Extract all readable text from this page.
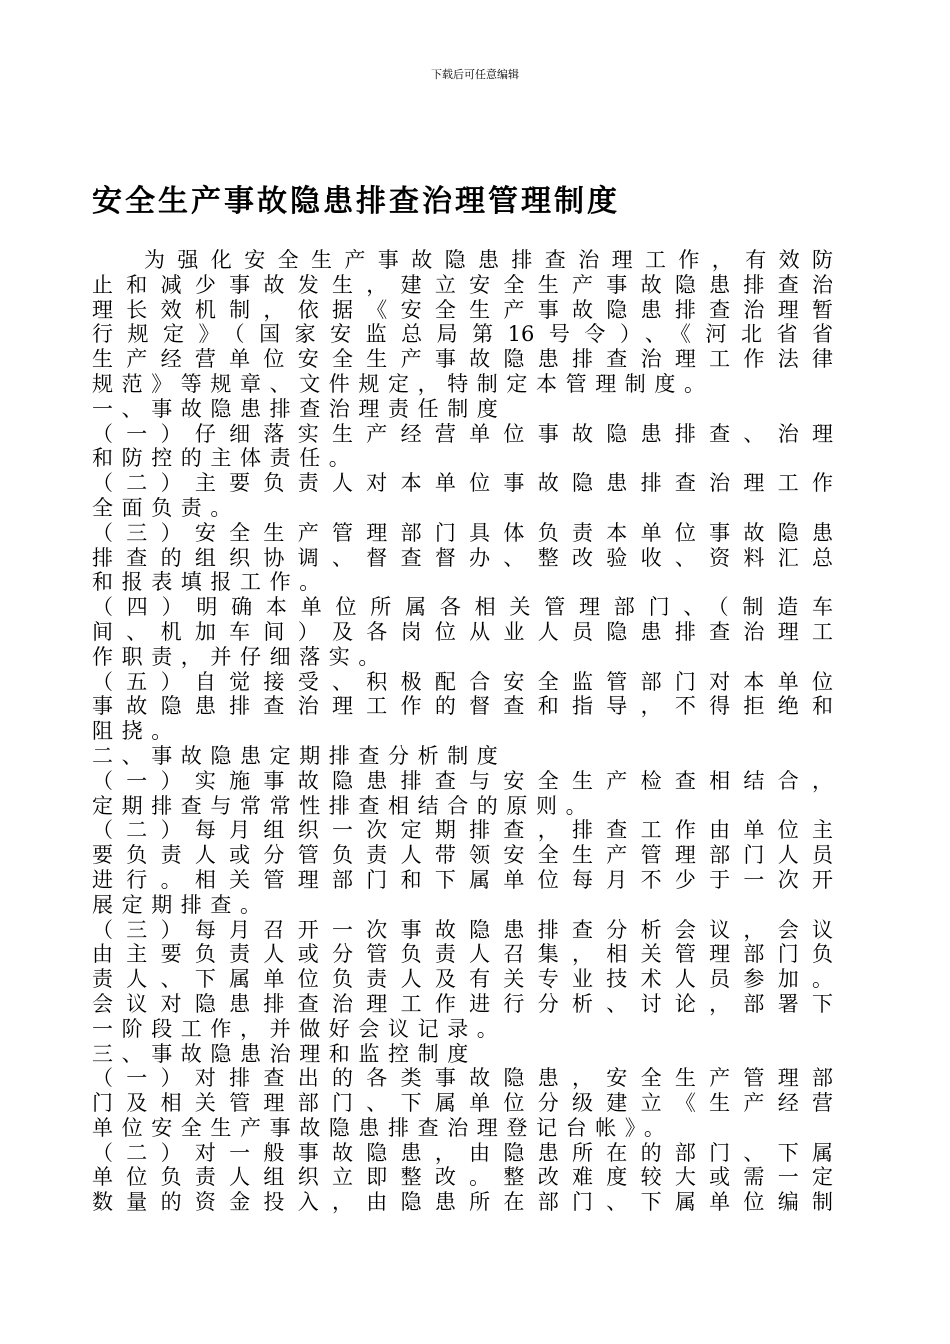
下载后可任意编辑
安全生产事故隐患排查治理管理制度
为强化安全生产事故隐患排查治理工作，有效防
止和减少事故发生，建立安全生产事故隐患排查治
理长效机制，依据《安全生产事故隐患排查治理暂
行规定》（国家安监总局第16号令）、《河北省省
生产经营单位安全生产事故隐患排查治理工作法律
规范》等规章、文件规定，特制定本管理制度。
一、事故隐患排查治理责任制度
（一）仔细落实生产经营单位事故隐患排查、治理
和防控的主体责任。
（二）主要负责人对本单位事故隐患排查治理工作
全面负责。
（三）安全生产管理部门具体负责本单位事故隐患
排查的组织协调、督查督办、整改验收、资料汇总
和报表填报工作。
（四）明确本单位所属各相关管理部门、（制造车
间、机加车间）及各岗位从业人员隐患排查治理工
作职责，并仔细落实。
（五）自觉接受、积极配合安全监管部门对本单位
事故隐患排查治理工作的督查和指导，不得拒绝和
阻挠。
二、事故隐患定期排查分析制度
（一）实施事故隐患排查与安全生产检查相结合，
定期排查与常常性排查相结合的原则。
（二）每月组织一次定期排查，排查工作由单位主
要负责人或分管负责人带领安全生产管理部门人员
进行。相关管理部门和下属单位每月不少于一次开
展定期排查。
（三）每月召开一次事故隐患排查分析会议，会议
由主要负责人或分管负责人召集，相关管理部门负
责人、下属单位负责人及有关专业技术人员参加。
会议对隐患排查治理工作进行分析、讨论，部署下
一阶段工作，并做好会议记录。
三、事故隐患治理和监控制度
（一）对排查出的各类事故隐患，安全生产管理部
门及相关管理部门、下属单位分级建立《生产经营
单位安全生产事故隐患排查治理登记台帐》。
（二）对一般事故隐患，由隐患所在的部门、下属
单位负责人组织立即整改。整改难度较大或需一定
数量的资金投入，由隐患所在部门、下属单位编制
